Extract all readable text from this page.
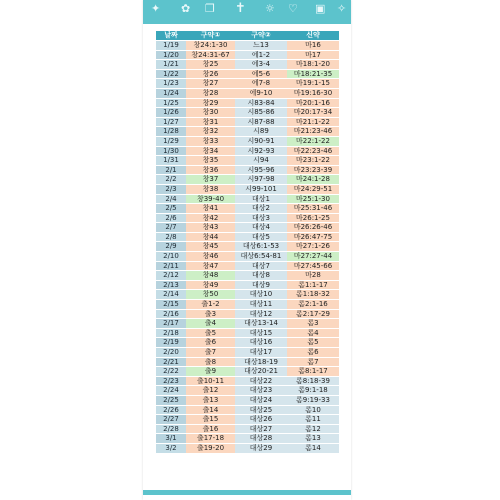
✦ ✿ ❐ ✝ ☼ ♡ ▣ ✧
날짜	구약①	구약②	신약
1/19	창24:1-30	느13	마16
1/20	창24:31-67	에1-2	마17
1/21	창25	에3-4	마18:1-20
1/22	창26	에5-6	마18:21-35
1/23	창27	에7-8	마19:1-15
1/24	창28	에9-10	마19:16-30
1/25	창29	시83-84	마20:1-16
1/26	창30	시85-86	마20:17-34
1/27	창31	시87-88	마21:1-22
1/28	창32	시89	마21:23-46
1/29	창33	시90-91	마22:1-22
1/30	창34	시92-93	마22:23-46
1/31	창35	시94	마23:1-22
2/1	창36	시95-96	마23:23-39
2/2	창37	시97-98	마24:1-28
2/3	창38	시99-101	마24:29-51
2/4	창39-40	대상1	마25:1-30
2/5	창41	대상2	마25:31-46
2/6	창42	대상3	마26:1-25
2/7	창43	대상4	마26:26-46
2/8	창44	대상5	마26:47-75
2/9	창45	대상6:1-53	마27:1-26
2/10	창46	대상6:54-81	마27:27-44
2/11	창47	대상7	마27:45-66
2/12	창48	대상8	마28
2/13	창49	대상9	롬1:1-17
2/14	창50	대상10	롬1:18-32
2/15	출1-2	대상11	롬2:1-16
2/16	출3	대상12	롬2:17-29
2/17	출4	대상13-14	롬3
2/18	출5	대상15	롬4
2/19	출6	대상16	롬5
2/20	출7	대상17	롬6
2/21	출8	대상18-19	롬7
2/22	출9	대상20-21	롬8:1-17
2/23	출10-11	대상22	롬8:18-39
2/24	출12	대상23	롬9:1-18
2/25	출13	대상24	롬9:19-33
2/26	출14	대상25	롬10
2/27	출15	대상26	롬11
2/28	출16	대상27	롬12
3/1	출17-18	대상28	롬13
3/2	출19-20	대상29	롬14
